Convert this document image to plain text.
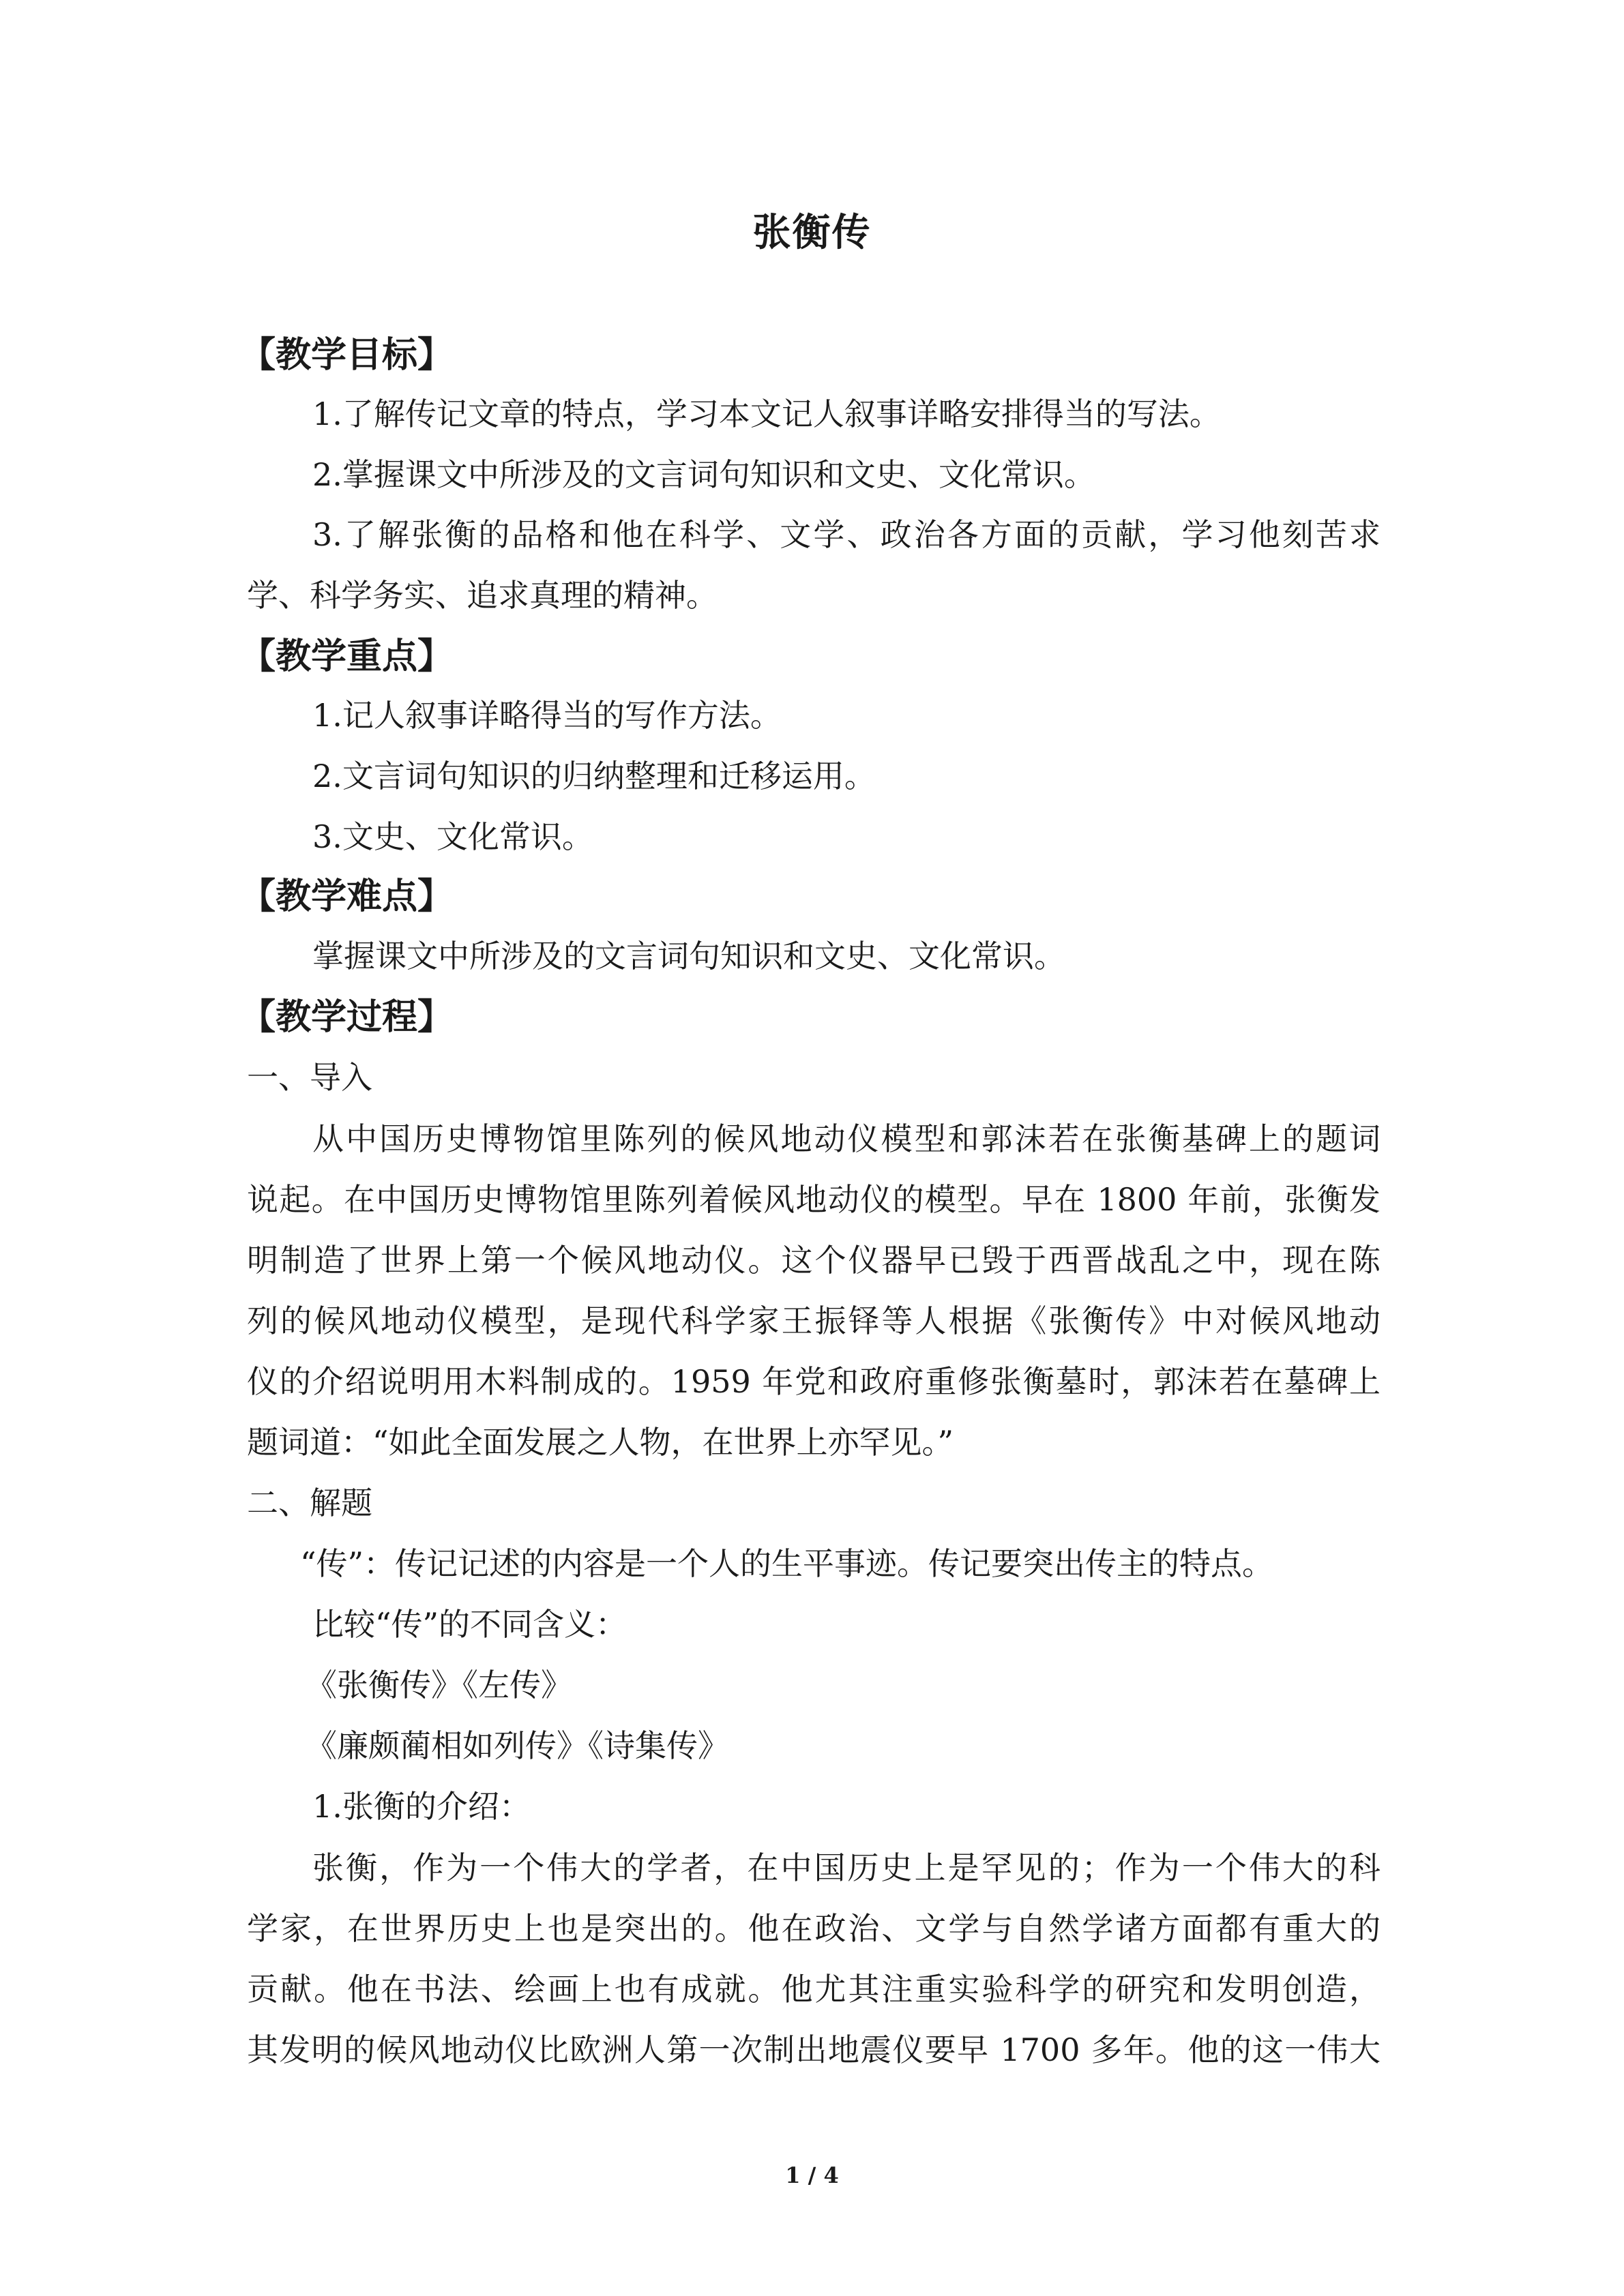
张衡传
【教学目标】
1.了解传记文章的特点，学习本文记人叙事详略安排得当的写法。
2.掌握课文中所涉及的文言词句知识和文史、文化常识。
3.了解张衡的品格和他在科学、文学、政治各方面的贡献，学习他刻苦求
学、科学务实、追求真理的精神。
【教学重点】
1.记人叙事详略得当的写作方法。
2.文言词句知识的归纳整理和迁移运用。
3.文史、文化常识。
【教学难点】
掌握课文中所涉及的文言词句知识和文史、文化常识。
【教学过程】
一、导入
从中国历史博物馆里陈列的候风地动仪模型和郭沫若在张衡基碑上的题词
说起。在中国历史博物馆里陈列着候风地动仪的模型。早在 1800 年前，张衡发
明制造了世界上第一个候风地动仪。这个仪器早已毁于西晋战乱之中，现在陈
列的候风地动仪模型，是现代科学家王振铎等人根据《张衡传》中对候风地动
仪的介绍说明用木料制成的。1959 年党和政府重修张衡墓时，郭沫若在墓碑上
题词道：“如此全面发展之人物，在世界上亦罕见。”
二、解题
“传”：传记记述的内容是一个人的生平事迹。传记要突出传主的特点。
比较“传”的不同含义：
《张衡传》《左传》
《廉颇蔺相如列传》《诗集传》
1.张衡的介绍：
张衡，作为一个伟大的学者，在中国历史上是罕见的；作为一个伟大的科
学家，在世界历史上也是突出的。他在政治、文学与自然学诸方面都有重大的
贡献。他在书法、绘画上也有成就。他尤其注重实验科学的研究和发明创造，
其发明的候风地动仪比欧洲人第一次制出地震仪要早 1700 多年。他的这一伟大
1 / 4
